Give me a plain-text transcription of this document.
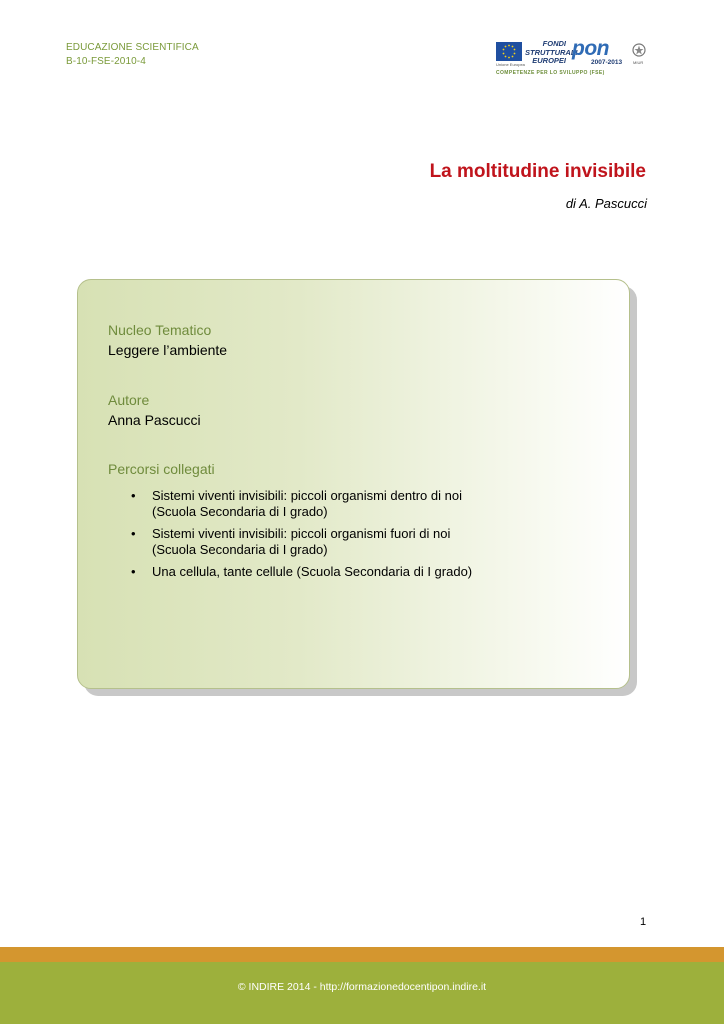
EDUCAZIONE SCIENTIFICA
B-10-FSE-2010-4	Unione Europea
FONDI
STRUTTURALI
EUROPEI
pon
2007-2013	MIUR
COMPETENZE PER LO SVILUPPO (FSE)
La moltitudine invisibile
di A. Pascucci
Nucleo Tematico
Leggere l’ambiente
Autore
Anna Pascucci
Percorsi collegati
• Sistemi viventi invisibili: piccoli organismi dentro di noi
(Scuola Secondaria di I grado)
• Sistemi viventi invisibili: piccoli organismi fuori di noi
(Scuola Secondaria di I grado)
• Una cellula, tante cellule (Scuola Secondaria di I grado)
1
© INDIRE 2014 - http://formazionedocentipon.indire.it
